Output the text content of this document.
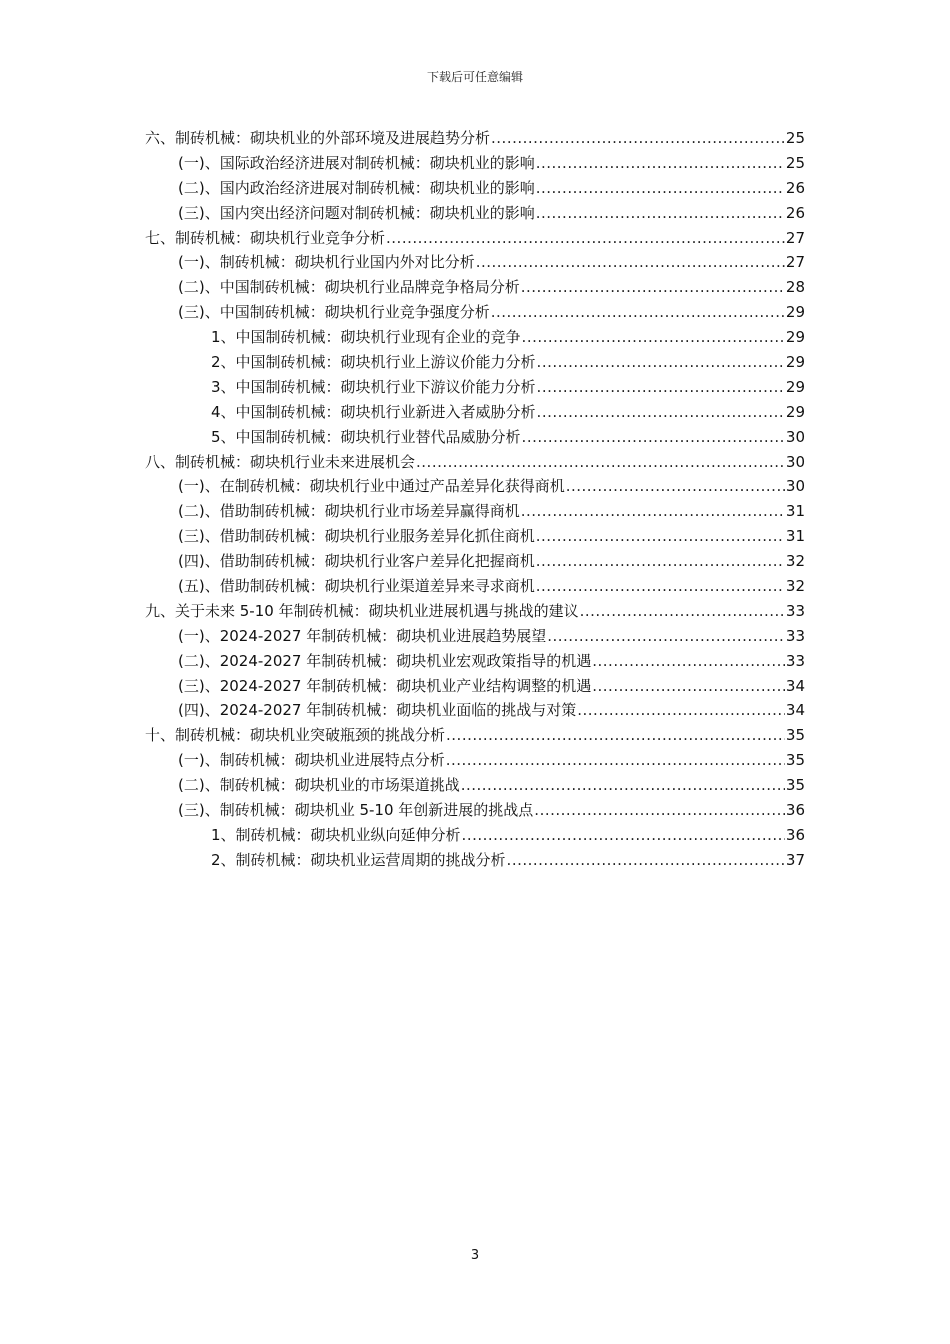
下载后可任意编辑
六、制砖机械：砌块机业的外部环境及进展趋势分析 .....	25
(一)、国际政治经济进展对制砖机械：砌块机业的影响 .....	25
(二)、国内政治经济进展对制砖机械：砌块机业的影响 .....	26
(三)、国内突出经济问题对制砖机械：砌块机业的影响 .....	26
七、制砖机械：砌块机行业竞争分析 .....	27
(一)、制砖机械：砌块机行业国内外对比分析 .....	27
(二)、中国制砖机械：砌块机行业品牌竞争格局分析 .....	28
(三)、中国制砖机械：砌块机行业竞争强度分析 .....	29
1、中国制砖机械：砌块机行业现有企业的竞争 .....	29
2、中国制砖机械：砌块机行业上游议价能力分析 .....	29
3、中国制砖机械：砌块机行业下游议价能力分析 .....	29
4、中国制砖机械：砌块机行业新进入者威胁分析 .....	29
5、中国制砖机械：砌块机行业替代品威胁分析 .....	30
八、制砖机械：砌块机行业未来进展机会 .....	30
(一)、在制砖机械：砌块机行业中通过产品差异化获得商机 .....	30
(二)、借助制砖机械：砌块机行业市场差异赢得商机 .....	31
(三)、借助制砖机械：砌块机行业服务差异化抓住商机 .....	31
(四)、借助制砖机械：砌块机行业客户差异化把握商机 .....	32
(五)、借助制砖机械：砌块机行业渠道差异来寻求商机 .....	32
九、关于未来 5-10 年制砖机械：砌块机业进展机遇与挑战的建议 .....	33
(一)、2024-2027 年制砖机械：砌块机业进展趋势展望 .....	33
(二)、2024-2027 年制砖机械：砌块机业宏观政策指导的机遇 .....	33
(三)、2024-2027 年制砖机械：砌块机业产业结构调整的机遇 .....	34
(四)、2024-2027 年制砖机械：砌块机业面临的挑战与对策 .....	34
十、制砖机械：砌块机业突破瓶颈的挑战分析 .....	35
(一)、制砖机械：砌块机业进展特点分析 .....	35
(二)、制砖机械：砌块机业的市场渠道挑战 .....	35
(三)、制砖机械：砌块机业 5-10 年创新进展的挑战点 .....	36
1、制砖机械：砌块机业纵向延伸分析 .....	36
2、制砖机械：砌块机业运营周期的挑战分析 .....	37
3
